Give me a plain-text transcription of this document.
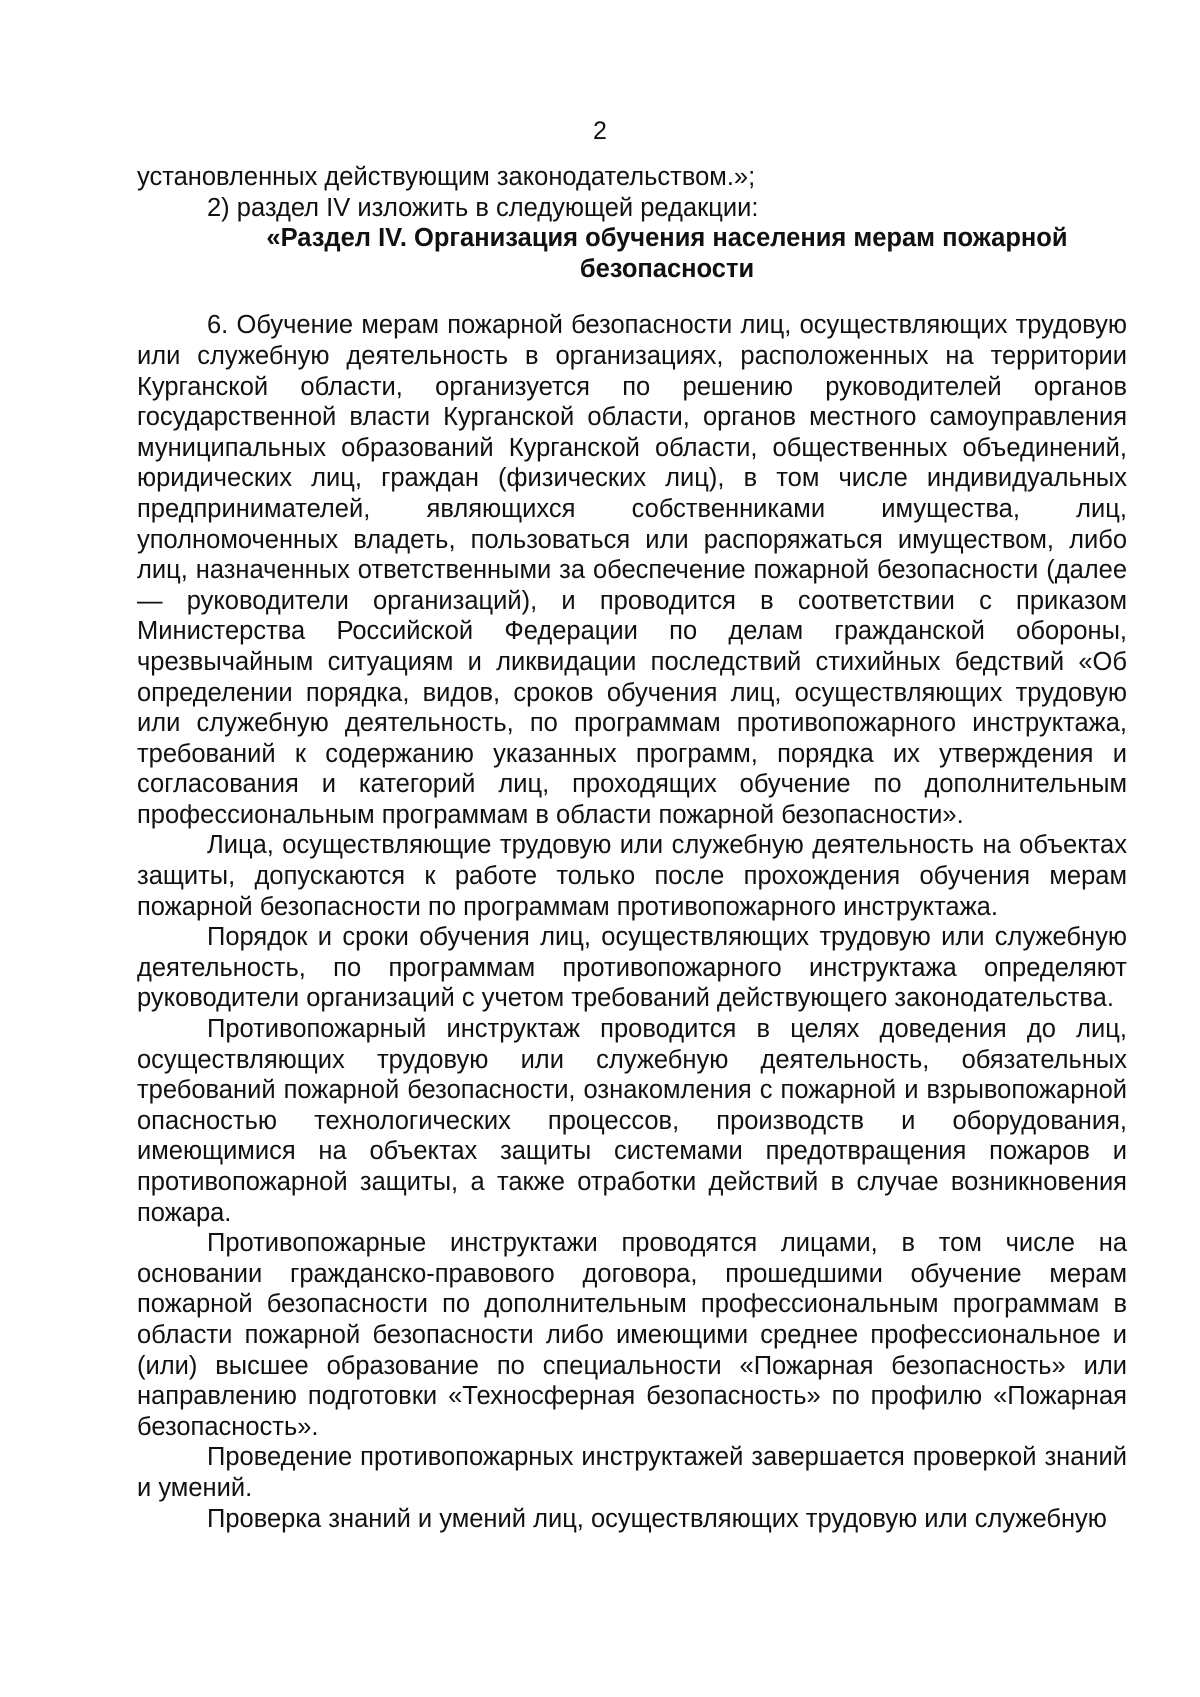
2

установленных действующим законодательством.»;

2) раздел IV изложить в следующей редакции:

«Раздел IV. Организация обучения населения мерам пожарной безопасности

6. Обучение мерам пожарной безопасности лиц, осуществляющих трудовую или служебную деятельность в организациях, расположенных на территории Курганской области, организуется по решению руководителей органов государственной власти Курганской области, органов местного самоуправления муниципальных образований Курганской области, общественных объединений, юридических лиц, граждан (физических лиц), в том числе индивидуальных предпринимателей, являющихся собственниками имущества, лиц, уполномоченных владеть, пользоваться или распоряжаться имуществом, либо лиц, назначенных ответственными за обеспечение пожарной безопасности (далее — руководители организаций), и проводится в соответствии с приказом Министерства Российской Федерации по делам гражданской обороны, чрезвычайным ситуациям и ликвидации последствий стихийных бедствий «Об определении порядка, видов, сроков обучения лиц, осуществляющих трудовую или служебную деятельность, по программам противопожарного инструктажа, требований к содержанию указанных программ, порядка их утверждения и согласования и категорий лиц, проходящих обучение по дополнительным профессиональным программам в области пожарной безопасности».

Лица, осуществляющие трудовую или служебную деятельность на объектах защиты, допускаются к работе только после прохождения обучения мерам пожарной безопасности по программам противопожарного инструктажа.

Порядок и сроки обучения лиц, осуществляющих трудовую или служебную деятельность, по программам противопожарного инструктажа определяют руководители организаций с учетом требований действующего законодательства.

Противопожарный инструктаж проводится в целях доведения до лиц, осуществляющих трудовую или служебную деятельность, обязательных требований пожарной безопасности, ознакомления с пожарной и взрывопожарной опасностью технологических процессов, производств и оборудования, имеющимися на объектах защиты системами предотвращения пожаров и противопожарной защиты, а также отработки действий в случае возникновения пожара.

Противопожарные инструктажи проводятся лицами, в том числе на основании гражданско-правового договора, прошедшими обучение мерам пожарной безопасности по дополнительным профессиональным программам в области пожарной безопасности либо имеющими среднее профессиональное и (или) высшее образование по специальности «Пожарная безопасность» или направлению подготовки «Техносферная безопасность» по профилю «Пожарная безопасность».

Проведение противопожарных инструктажей завершается проверкой знаний и умений.

Проверка знаний и умений лиц, осуществляющих трудовую или служебную
